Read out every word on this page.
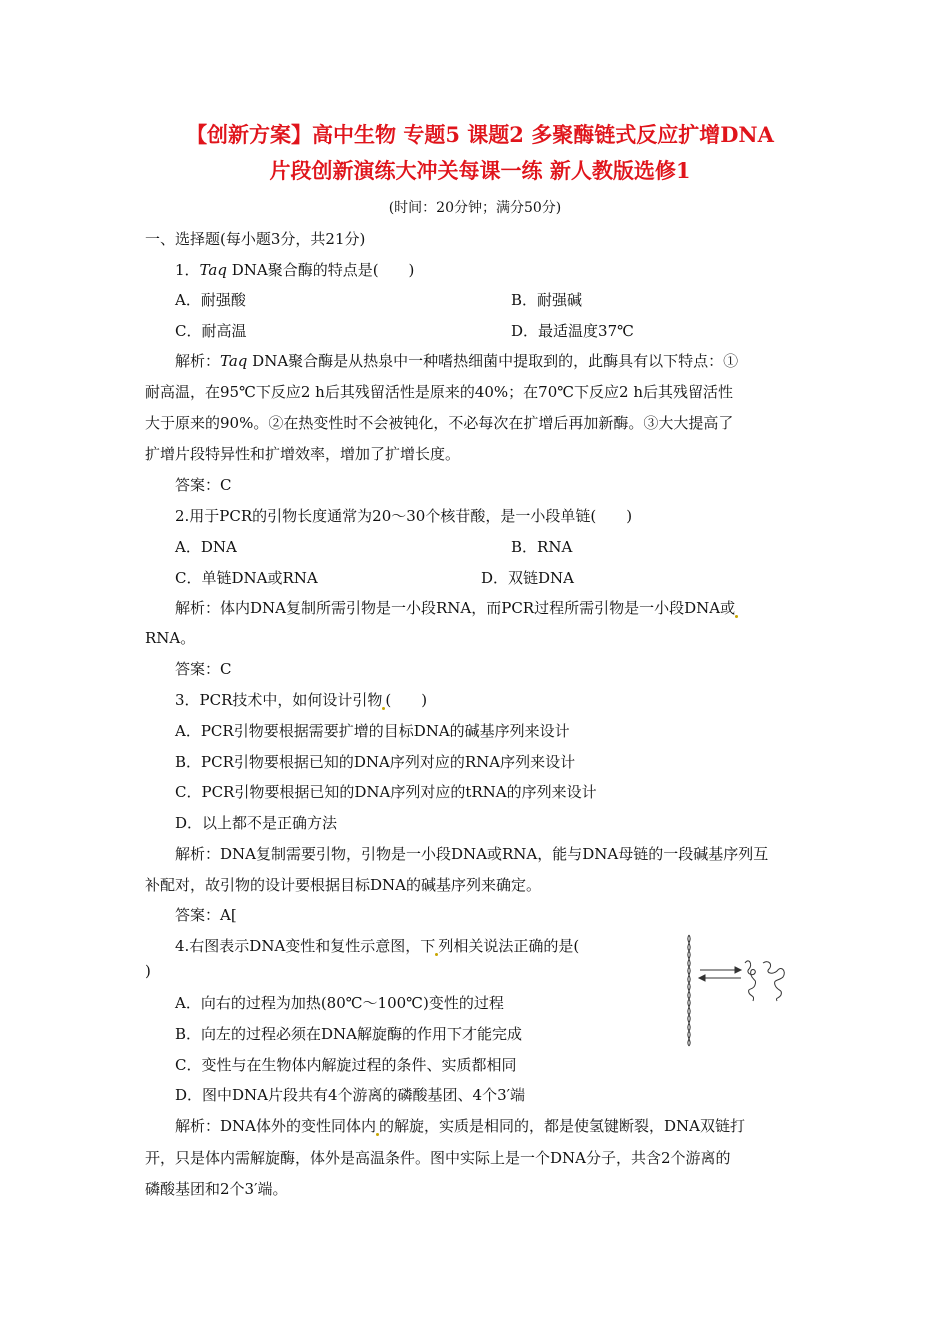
【创新方案】高中生物 专题5 课题2 多聚酶链式反应扩增DNA
片段创新演练大冲关每课一练 新人教版选修1
(时间：20分钟；满分50分)
一、选择题(每小题3分，共21分)
1．Taq DNA聚合酶的特点是(　　)
A．耐强酸	B．耐强碱
C．耐高温	D．最适温度37℃
解析：Taq DNA聚合酶是从热泉中一种嗜热细菌中提取到的，此酶具有以下特点：①
耐高温，在95℃下反应2 h后其残留活性是原来的40%；在70℃下反应2 h后其残留活性
大于原来的90%。②在热变性时不会被钝化，不必每次在扩增后再加新酶。③大大提高了
扩增片段特异性和扩增效率，增加了扩增长度。
答案：C
2.用于PCR的引物长度通常为20～30个核苷酸，是一小段单链(　　)
A．DNA	B．RNA
C．单链DNA或RNA	D．双链DNA
解析：体内DNA复制所需引物是一小段RNA，而PCR过程所需引物是一小段DNA或
RNA。
答案：C
3．PCR技术中，如何设计引物 (　　)
A．PCR引物要根据需要扩增的目标DNA的碱基序列来设计
B．PCR引物要根据已知的DNA序列对应的RNA序列来设计
C．PCR引物要根据已知的DNA序列对应的tRNA的序列来设计
D．以上都不是正确方法
解析：DNA复制需要引物，引物是一小段DNA或RNA，能与DNA母链的一段碱基序列互
补配对，故引物的设计要根据目标DNA的碱基序列来确定。
答案：A[
4.右图表示DNA变性和复性示意图，下 列相关说法正确的是(
)
A．向右的过程为加热(80℃～100℃)变性的过程
B．向左的过程必须在DNA解旋酶的作用下才能完成
C．变性与在生物体内解旋过程的条件、实质都相同
D．图中DNA片段共有4个游离的磷酸基团、4个3′端
解析：DNA体外的变性同体内 的解旋，实质是相同的，都是使氢键断裂，DNA双链打
开，只是体内需解旋酶，体外是高温条件。图中实际上是一个DNA分子，共含2个游离的
磷酸基团和2个3′端。
